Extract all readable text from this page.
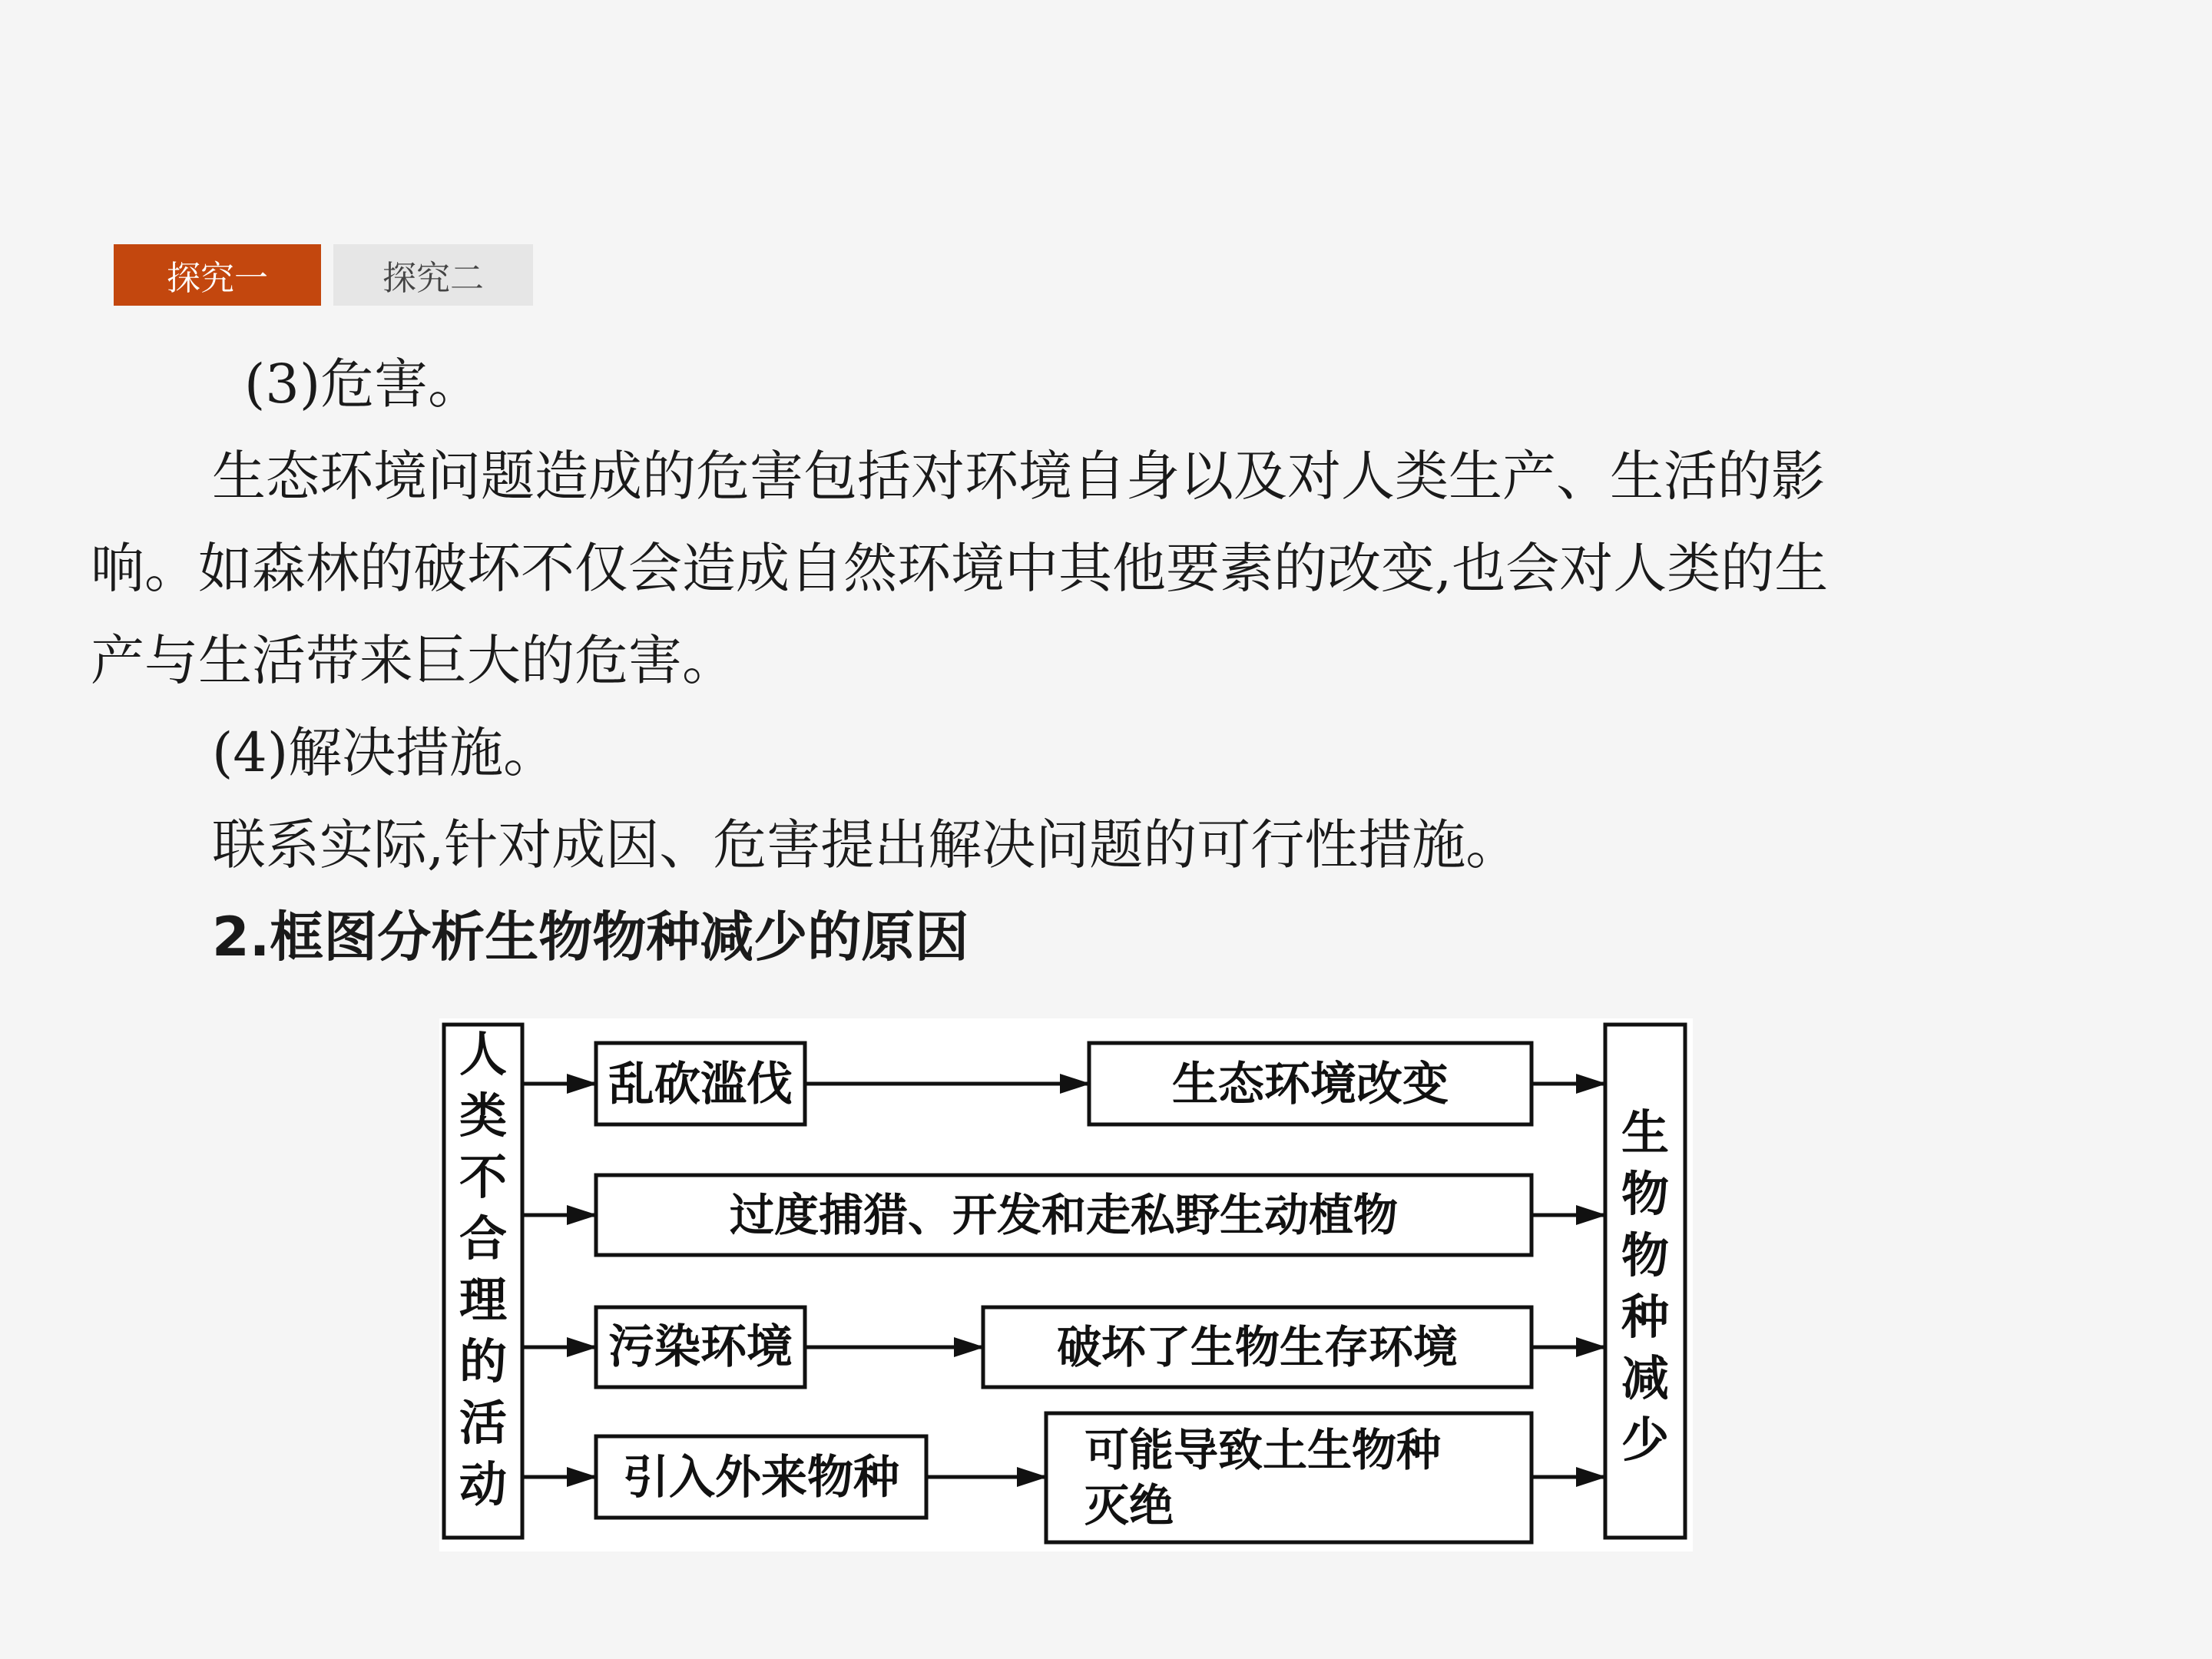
探究一	探究二
(3)危害。
生态环境问题造成的危害包括对环境自身以及对人类生产、生活的影
响。如森林的破坏不仅会造成自然环境中其他要素的改变,也会对人类的生
产与生活带来巨大的危害。
(4)解决措施。
联系实际,针对成因、危害提出解决问题的可行性措施。
2.框图分析生物物种减少的原因
乱砍滥伐	生态环境改变
过度捕猎、开发和走私野生动植物
污染环境	破坏了生物生存环境
引入外来物种
可能导致土生物种
灭绝
人
类
不
合
理
的
活
动
生
物
物
种
减
少
